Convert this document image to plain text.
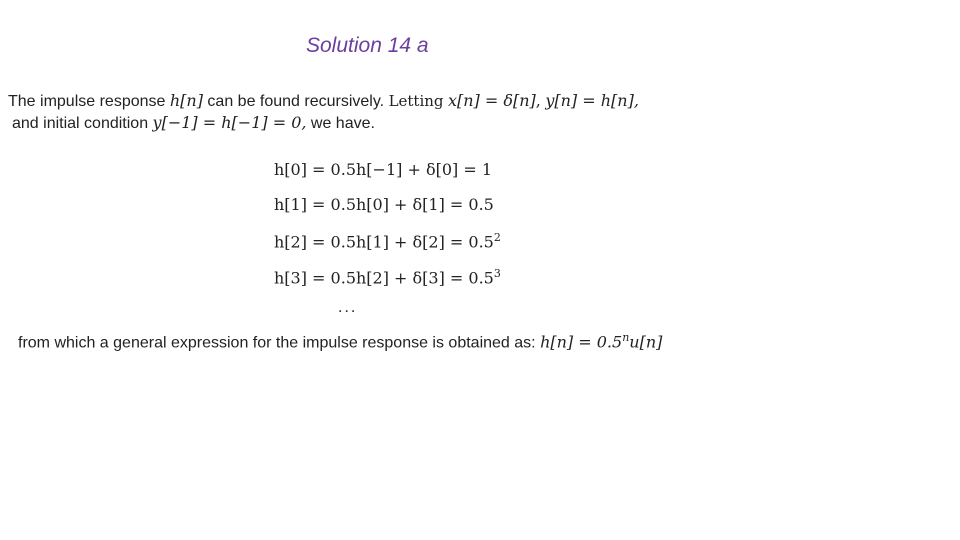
Solution 14 a
The impulse response h[n] can be found recursively. Letting x[n] = δ[n], y[n] = h[n],
and initial condition y[−1] = h[−1] = 0, we have.
h[0] = 0.5h[−1] + δ[0] = 1
h[1] = 0.5h[0] + δ[1] = 0.5
$h[2] = 0.5h[1] + \delta[2] = 0.5^2$
$h[3] = 0.5h[2] + \delta[3] = 0.5^3$
...
from which a general expression for the impulse response is obtained as: $h[n] = 0.5^nu[n]$
